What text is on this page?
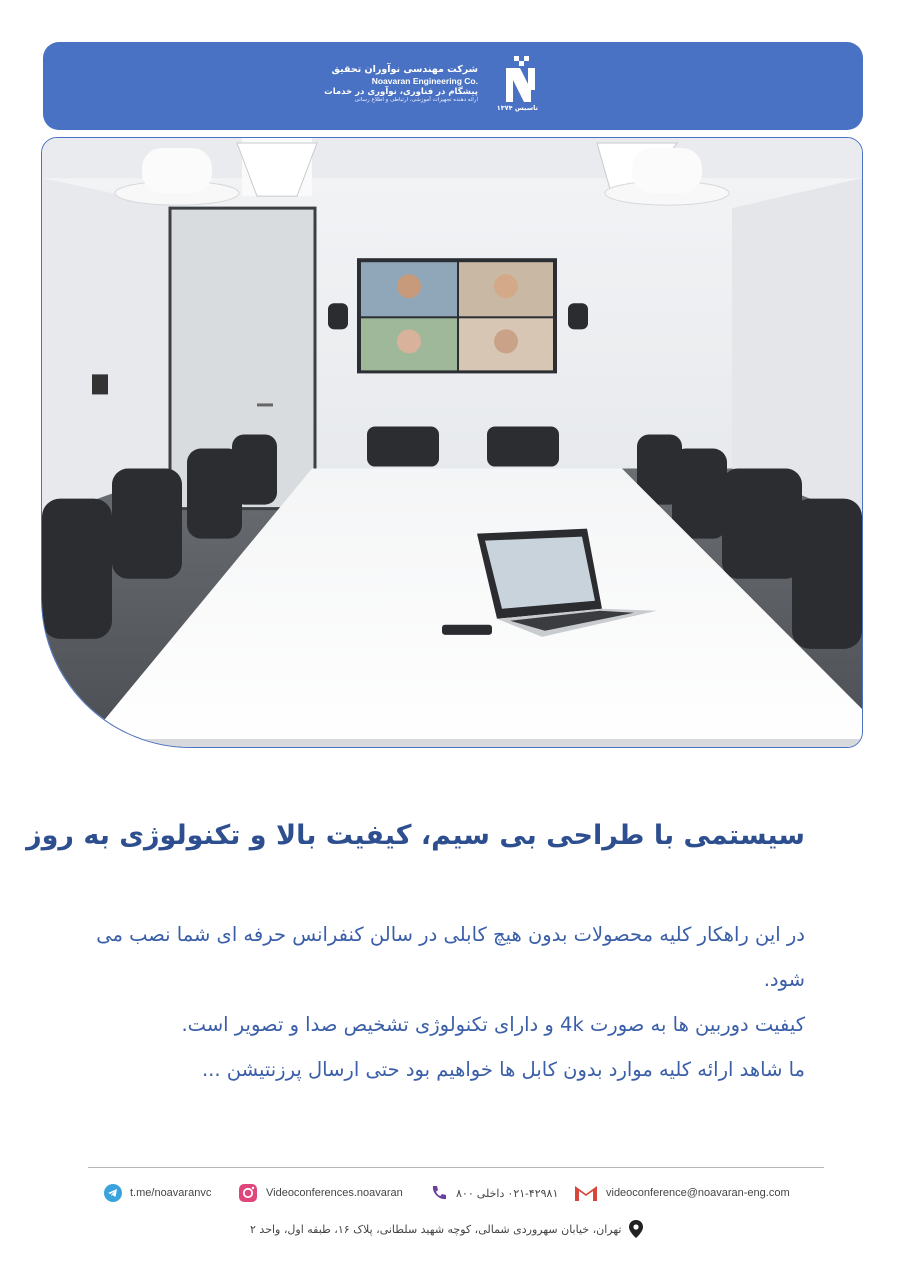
شرکت مهندسی نوآوران تحقیق
Noavaran Engineering Co.
پیشگام در فناوری، نوآوری در خدمات
ارائه دهنده تجهیزات آموزشی، ارتباطی و اطلاع رسانی
تاسیس ۱۳۷۴
سیستمی با طراحی بی سیم، کیفیت بالا و تکنولوژی به روز

در این راهکار کلیه محصولات بدون هیچ کابلی در سالن کنفرانس حرفه ای شما نصب می شود.

کیفیت دوربین ها به صورت 4k و دارای تکنولوژی تشخیص صدا و تصویر است.

ما شاهد ارائه کلیه موارد بدون کابل ها خواهیم بود حتی ارسال پرزنتیشن ...

t.me/noavaranvc	Videoconferences.noavaran	۰۲۱-۴۲۹۸۱ داخلی ۸۰۰	videoconference@noavaran-eng.com
تهران، خیابان سهروردی شمالی، کوچه شهید سلطانی، پلاک ۱۶، طبقه اول، واحد ۲
